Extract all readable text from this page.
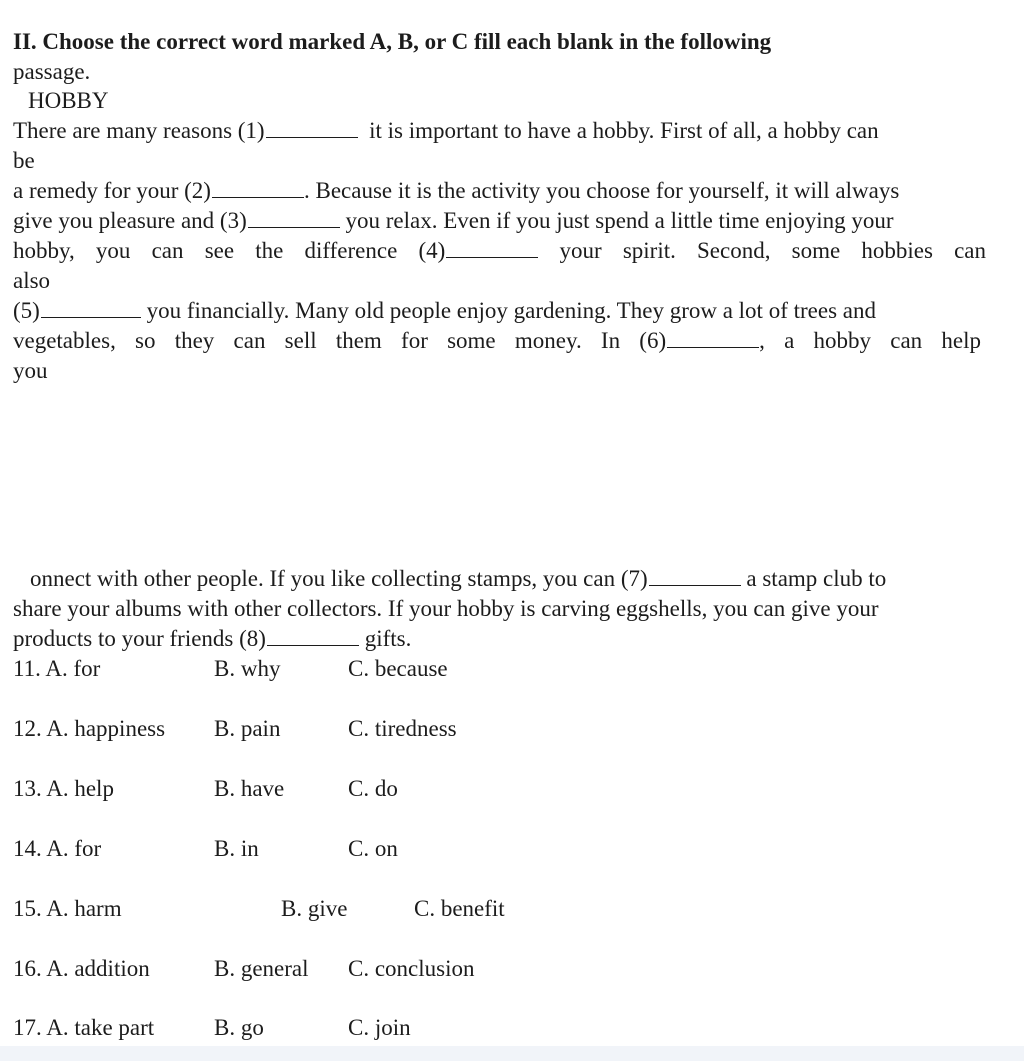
II. Choose the correct word marked A, B, or C fill each blank in the following
passage.
HOBBY
There are many reasons (1)	it is important to have a hobby. First of all, a hobby can
be
a remedy for your (2)	. Because it is the activity you choose for yourself, it will always
give you pleasure and (3)	you relax. Even if you just spend a little time enjoying your
hobby, you can see the difference (4)	your spirit. Second, some hobbies can
also
(5)	you financially. Many old people enjoy gardening. They grow a lot of trees and
vegetables, so they can sell them for some money. In (6)	, a hobby can help
you
onnect with other people. If you like collecting stamps, you can (7)	a stamp club to
share your albums with other collectors. If your hobby is carving eggshells, you can give your
products to your friends (8)	gifts.
11. A. for	B. why	C. because
12. A. happiness B. pain	C. tiredness
13. A. help	B. have	C. do
14. A. for	B. in	C. on
15. A. harm	B. give	C. benefit
16. A. addition	B. general C. conclusion
17. A. take part	B. go	C. join
